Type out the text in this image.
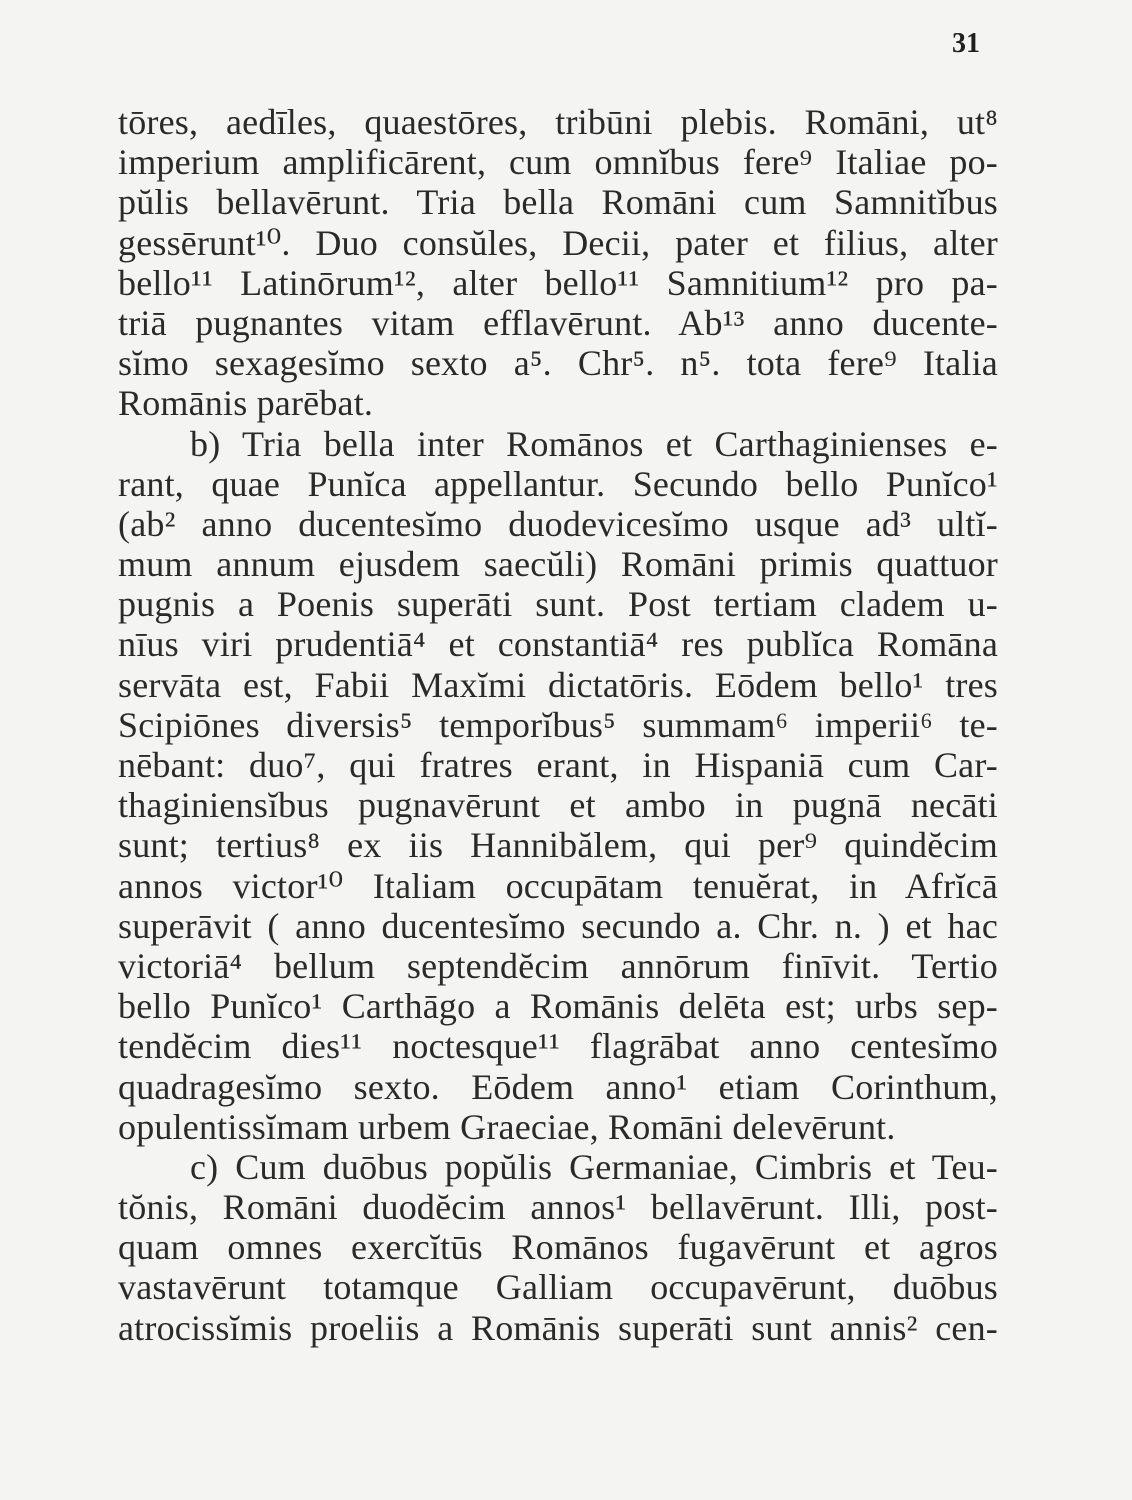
31
tōres, aedīles, quaestōres, tribūni plebis. Romāni, ut⁸
imperium amplificārent, cum omnĭbus fere⁹ Italiae po-
pŭlis bellavērunt. Tria bella Romāni cum Samnitĭbus
gessērunt¹⁰. Duo consŭles, Decii, pater et filius, alter
bello¹¹ Latinōrum¹², alter bello¹¹ Samnitium¹² pro pa-
triā pugnantes vitam efflavērunt. Ab¹³ anno ducente-
sĭmo sexagesĭmo sexto a⁵. Chr⁵. n⁵. tota fere⁹ Italia
Romānis parēbat.
b) Tria bella inter Romānos et Carthaginienses e-
rant, quae Punĭca appellantur. Secundo bello Punĭco¹
(ab² anno ducentesĭmo duodevicesĭmo usque ad³ ultĭ-
mum annum ejusdem saecŭli) Romāni primis quattuor
pugnis a Poenis superāti sunt. Post tertiam cladem u-
nīus viri prudentiā⁴ et constantiā⁴ res publĭca Romāna
servāta est, Fabii Maxĭmi dictatōris. Eōdem bello¹ tres
Scipiōnes diversis⁵ temporĭbus⁵ summam⁶ imperii⁶ te-
nēbant: duo⁷, qui fratres erant, in Hispaniā cum Car-
thaginiensĭbus pugnavērunt et ambo in pugnā necāti
sunt; tertius⁸ ex iis Hannibălem, qui per⁹ quindĕcim
annos victor¹⁰ Italiam occupātam tenuĕrat, in Afrĭcā
superāvit ( anno ducentesĭmo secundo a. Chr. n. ) et hac
victoriā⁴ bellum septendĕcim annōrum finīvit. Tertio
bello Punĭco¹ Carthāgo a Romānis delēta est; urbs sep-
tendĕcim dies¹¹ noctesque¹¹ flagrābat anno centesĭmo
quadragesĭmo sexto. Eōdem anno¹ etiam Corinthum,
opulentissĭmam urbem Graeciae, Romāni delevērunt.
c) Cum duōbus popŭlis Germaniae, Cimbris et Teu-
tŏnis, Romāni duodĕcim annos¹ bellavērunt. Illi, post-
quam omnes exercĭtūs Romānos fugavērunt et agros
vastavērunt totamque Galliam occupavērunt, duōbus
atrocissĭmis proeliis a Romānis superāti sunt annis² cen-
